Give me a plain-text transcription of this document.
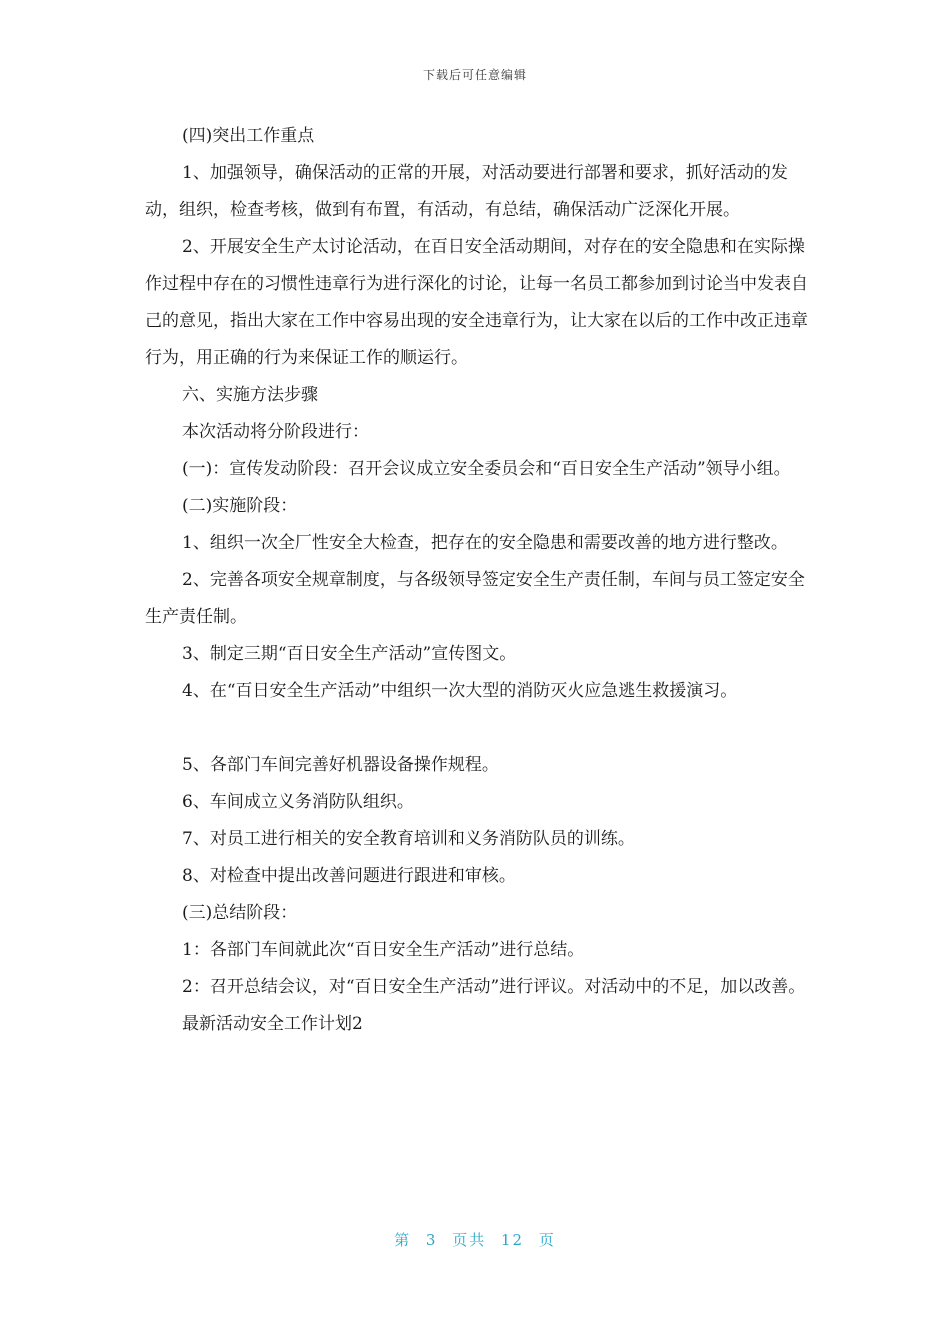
下载后可任意编辑

(四)突出工作重点

1、加强领导，确保活动的正常的开展，对活动要进行部署和要求，抓好活动的发动，组织，检查考核，做到有布置，有活动，有总结，确保活动广泛深化开展。

2、开展安全生产太讨论活动，在百日安全活动期间，对存在的安全隐患和在实际操作过程中存在的习惯性违章行为进行深化的讨论，让每一名员工都参加到讨论当中发表自己的意见，指出大家在工作中容易出现的安全违章行为，让大家在以后的工作中改正违章行为，用正确的行为来保证工作的顺运行。

六、实施方法步骤

本次活动将分阶段进行：

(一)：宣传发动阶段：召开会议成立安全委员会和“百日安全生产活动”领导小组。

(二)实施阶段：

1、组织一次全厂性安全大检查，把存在的安全隐患和需要改善的地方进行整改。

2、完善各项安全规章制度，与各级领导签定安全生产责任制，车间与员工签定安全生产责任制。

3、制定三期“百日安全生产活动”宣传图文。

4、在“百日安全生产活动”中组织一次大型的消防灭火应急逃生救援演习。

5、各部门车间完善好机器设备操作规程。

6、车间成立义务消防队组织。

7、对员工进行相关的安全教育培训和义务消防队员的训练。

8、对检查中提出改善问题进行跟进和审核。

(三)总结阶段：

1：各部门车间就此次“百日安全生产活动”进行总结。

2：召开总结会议，对“百日安全生产活动”进行评议。对活动中的不足，加以改善。

最新活动安全工作计划2

第 3 页共 12 页
